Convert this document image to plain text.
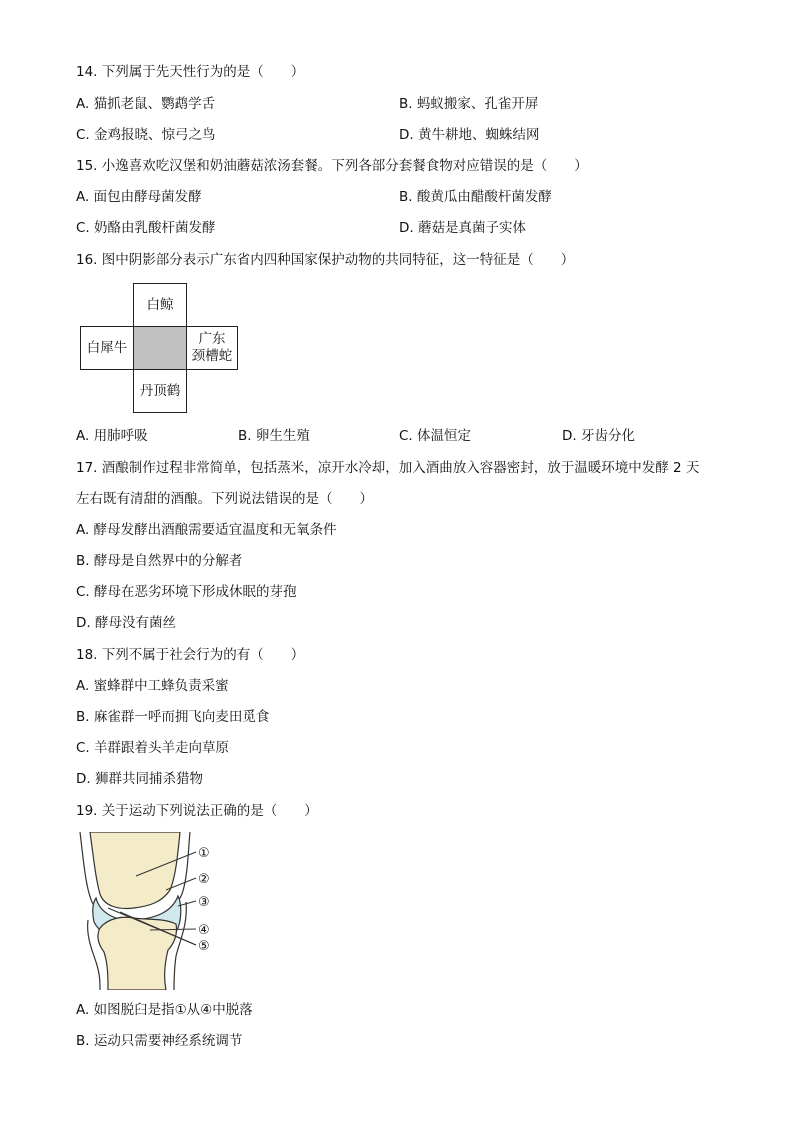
14. 下列属于先天性行为的是（　　）
A. 猫抓老鼠、鹦鹉学舌	B. 蚂蚁搬家、孔雀开屏
C. 金鸡报晓、惊弓之鸟	D. 黄牛耕地、蜘蛛结网
15. 小逸喜欢吃汉堡和奶油蘑菇浓汤套餐。下列各部分套餐食物对应错误的是（　　）
A. 面包由酵母菌发酵	B. 酸黄瓜由醋酸杆菌发酵
C. 奶酪由乳酸杆菌发酵	D. 蘑菇是真菌子实体
16. 图中阴影部分表示广东省内四种国家保护动物的共同特征，这一特征是（　　）
白鲸
白犀牛
广东
颈槽蛇
丹顶鹤
A. 用肺呼吸	B. 卵生生殖	C. 体温恒定	D. 牙齿分化
17. 酒酿制作过程非常简单，包括蒸米，凉开水冷却，加入酒曲放入容器密封，放于温暖环境中发酵 2 天
左右既有清甜的酒酿。下列说法错误的是（　　）
A. 酵母发酵出酒酿需要适宜温度和无氧条件
B. 酵母是自然界中的分解者
C. 酵母在恶劣环境下形成休眠的芽孢
D. 酵母没有菌丝
18. 下列不属于社会行为的有（　　）
A. 蜜蜂群中工蜂负责采蜜
B. 麻雀群一呼而拥飞向麦田觅食
C. 羊群跟着头羊走向草原
D. 狮群共同捕杀猎物
19. 关于运动下列说法正确的是（　　）
①
②
③
④
⑤
A. 如图脱臼是指①从④中脱落
B. 运动只需要神经系统调节
